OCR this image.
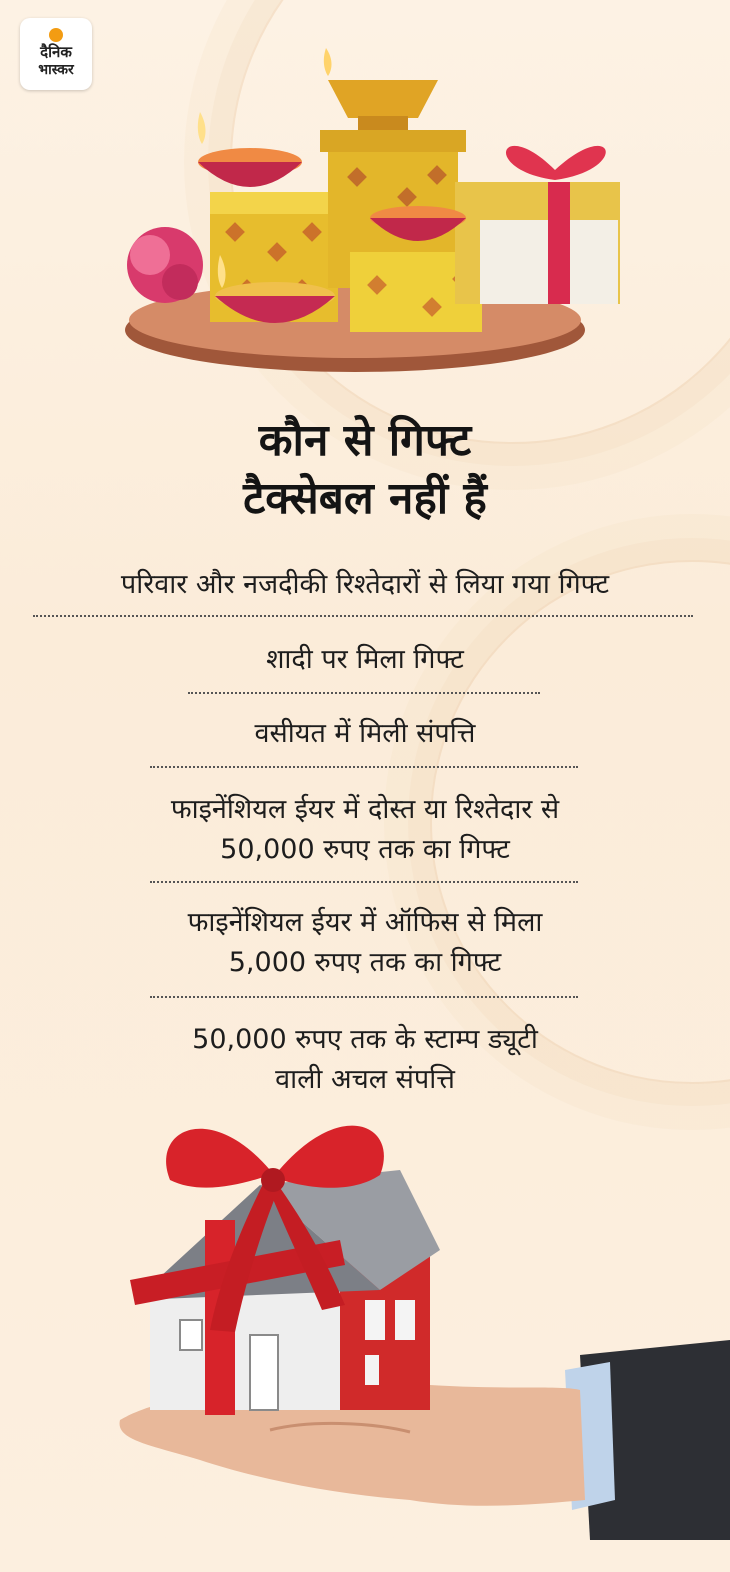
दैनिक
भास्कर
कौन से गिफ्ट
टैक्सेबल नहीं हैं
परिवार और नजदीकी रिश्तेदारों से लिया गया गिफ्ट
शादी पर मिला गिफ्ट
वसीयत में मिली संपत्ति
फाइनेंशियल ईयर में दोस्त या रिश्तेदार से
50,000 रुपए तक का गिफ्ट
फाइनेंशियल ईयर में ऑफिस से मिला
5,000 रुपए तक का गिफ्ट
50,000 रुपए तक के स्टाम्प ड्यूटी
वाली अचल संपत्ति
